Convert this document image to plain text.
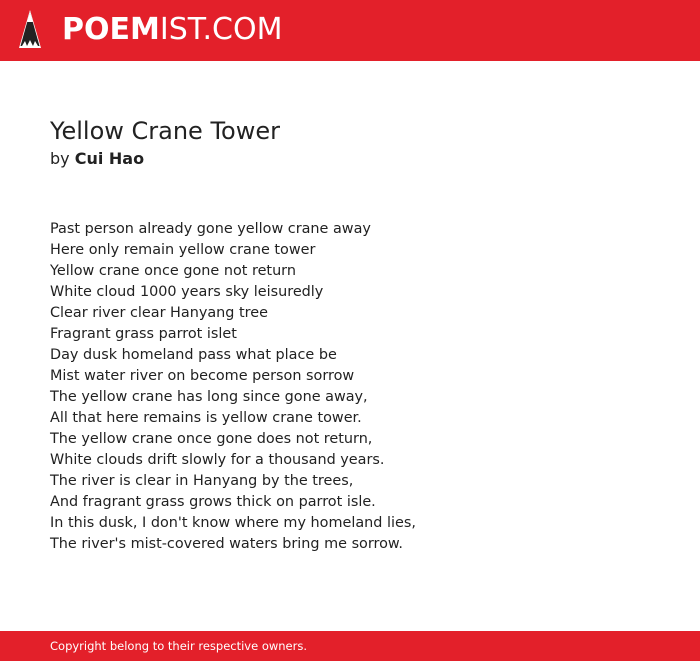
POEMIST.COM
Yellow Crane Tower
by Cui Hao
Past person already gone yellow crane away
Here only remain yellow crane tower
Yellow crane once gone not return
White cloud 1000 years sky leisuredly
Clear river clear Hanyang tree
Fragrant grass parrot islet
Day dusk homeland pass what place be
Mist water river on become person sorrow
The yellow crane has long since gone away,
All that here remains is yellow crane tower.
The yellow crane once gone does not return,
White clouds drift slowly for a thousand years.
The river is clear in Hanyang by the trees,
And fragrant grass grows thick on parrot isle.
In this dusk, I don't know where my homeland lies,
The river's mist-covered waters bring me sorrow.
Copyright belong to their respective owners.
